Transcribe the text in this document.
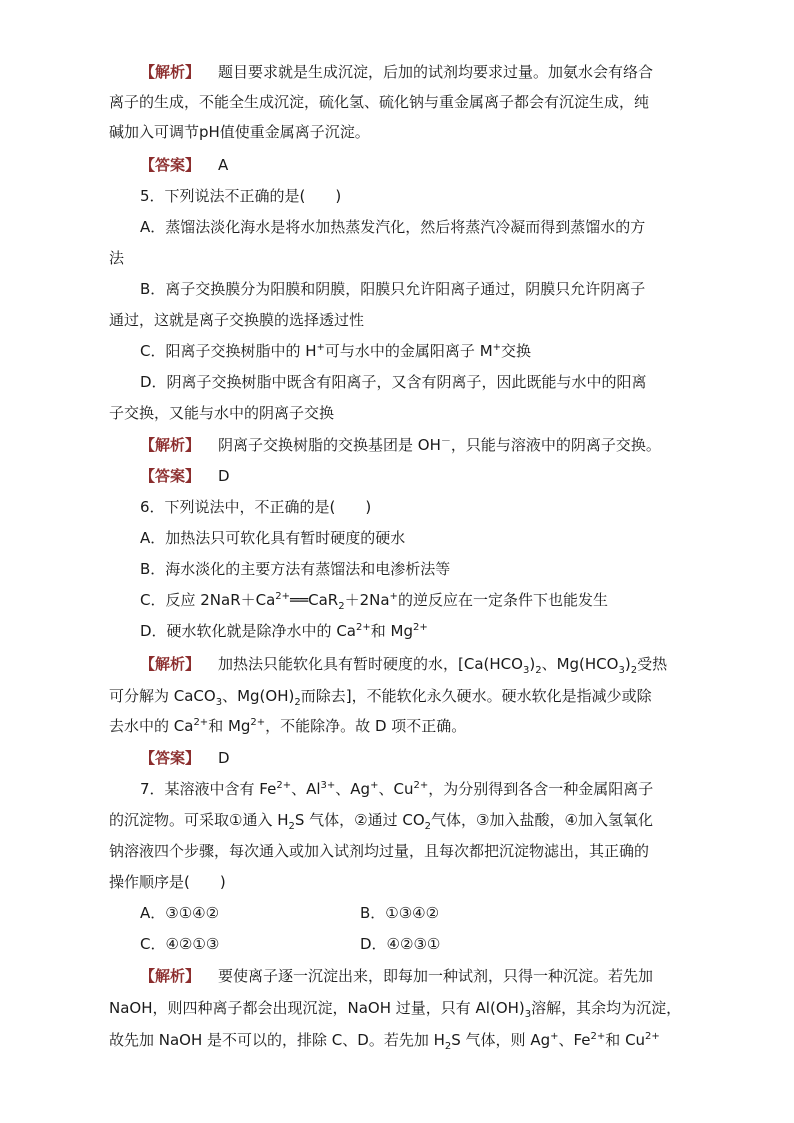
【解析】 题目要求就是生成沉淀，后加的试剂均要求过量。加氨水会有络合
离子的生成，不能全生成沉淀，硫化氢、硫化钠与重金属离子都会有沉淀生成，纯
碱加入可调节pH值使重金属离子沉淀。
【答案】 A
5．下列说法不正确的是(　　)
A．蒸馏法淡化海水是将水加热蒸发汽化，然后将蒸汽冷凝而得到蒸馏水的方
法
B．离子交换膜分为阳膜和阴膜，阳膜只允许阳离子通过，阴膜只允许阴离子
通过，这就是离子交换膜的选择透过性
C．阳离子交换树脂中的 H+可与水中的金属阳离子 M+交换
D．阴离子交换树脂中既含有阳离子，又含有阴离子，因此既能与水中的阳离
子交换，又能与水中的阴离子交换
【解析】 阴离子交换树脂的交换基团是 OH－，只能与溶液中的阴离子交换。
【答案】 D
6．下列说法中，不正确的是(　　)
A．加热法只可软化具有暂时硬度的硬水
B．海水淡化的主要方法有蒸馏法和电渗析法等
C．反应 $2NaR+Ca^{2+}══CaR_2+2Na^+$的逆反应在一定条件下也能发生
D．硬水软化就是除净水中的 $Ca^{2+}$和 $Mg^{2+}$
【解析】 加热法只能软化具有暂时硬度的水，[$Ca(HCO_3)_2$、$Mg(HCO_3)_2$受热
可分解为 CaCO$_3$、$Mg(OH)_2$而除去]，不能软化永久硬水。硬水软化是指减少或除
去水中的 $Ca^{2+}$和 $Mg^{2+}$，不能除净。故 D 项不正确。
【答案】 D
7．某溶液中含有 $Fe^{2+}$、$Al^{3+}$、Ag+、$Cu^{2+}$，为分别得到各含一种金属阳离子
的沉淀物。可采取①通入 $H_2S$ 气体，②通过 $CO_2$气体，③加入盐酸，④加入氢氧化
钠溶液四个步骤，每次通入或加入试剂均过量，且每次都把沉淀物滤出，其正确的
操作顺序是(　　)
A．③①④②	B．①③④②
C．④②①③	D．④②③①
【解析】 要使离子逐一沉淀出来，即每加一种试剂，只得一种沉淀。若先加
NaOH，则四种离子都会出现沉淀，NaOH 过量，只有 $Al(OH)_3$溶解，其余均为沉淀，
故先加 NaOH 是不可以的，排除 C、D。若先加 $H_2S$ 气体，则 Ag+、$Fe^{2+}$和 $Cu^{2+}$
